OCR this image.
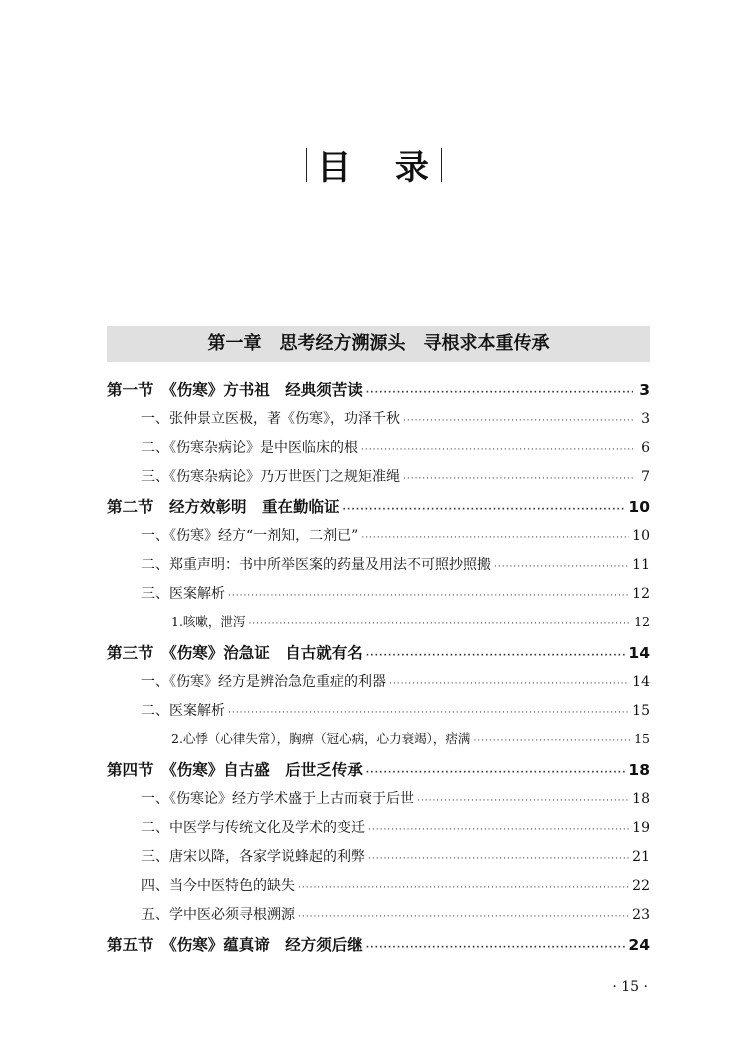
目 录
第一章　思考经方溯源头　寻根求本重传承
第一节　《伤寒》方书祖　经典须苦读 ·····	3
一、张仲景立医极，著《伤寒》，功泽千秋 ·····	3
二、《伤寒杂病论》是中医临床的根 ·····	6
三、《伤寒杂病论》乃万世医门之规矩准绳 ·····	7
第二节　经方效彰明　重在勤临证 ·····	10
一、《伤寒》经方“一剂知，二剂已” ·····	10
二、郑重声明：书中所举医案的药量及用法不可照抄照搬 ·····	11
三、医案解析 ·····	12
1.咳嗽，泄泻 ·····	12
第三节　《伤寒》治急证　自古就有名 ·····	14
一、《伤寒》经方是辨治急危重症的利器 ·····	14
二、医案解析 ·····	15
2.心悸（心律失常），胸痹（冠心病，心力衰竭），痞满 ·····	15
第四节　《伤寒》自古盛　后世乏传承 ·····	18
一、《伤寒论》经方学术盛于上古而衰于后世 ·····	18
二、中医学与传统文化及学术的变迁 ·····	19
三、唐宋以降，各家学说蜂起的利弊 ·····	21
四、当今中医特色的缺失 ·····	22
五、学中医必须寻根溯源 ·····	23
第五节　《伤寒》蕴真谛　经方须后继 ·····	24
· 15 ·
